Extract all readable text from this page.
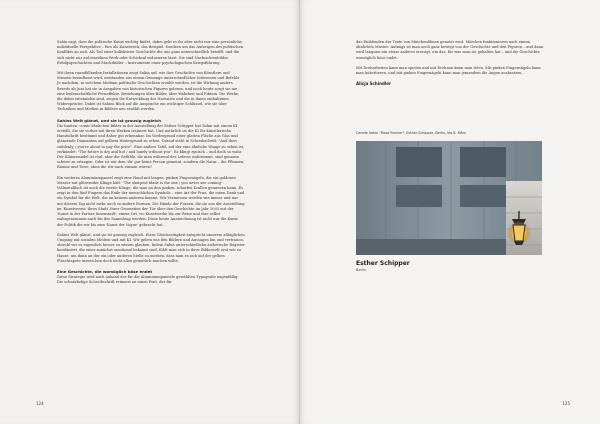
Sahin sagt, dass die politische Kunst wichtig findet, dabei geht es ihr aber nicht nur eine persönliche, individuelle Perspektive – fürs als Kunstwerk, das Beispiel. Sondern um das Aufzeigen des politischen Konflikts an sich. Als Teil einer kollektiven Geschichte die uns ganz unterschiedlich betrifft, und die sich nicht nur auf einzelnen Werk oder Schicksal reduzieren lässt. Sie sind Nachrichtenbilder, Erfolgsgeschichten und Machtbilder – Instrumente einer psychologischen Kriegsführung.

Mit ihren raumfüllenden Installationen zeigt Sahin auf, wie ihre Geschichte von Künstlern und Museen beeinflusst wird, entstanden aus einem Gemenge unterschiedlicher Interessen und Befehle. Je nachdem, in welchem Medium politische Geschichten erzählt werden, ist die Wirkung anders. Bereits ab Juni hat sie in Ausgaben von historischen Figuren gelesen, und noch heute sorgt sie nie eine leidenschaftliche Ferneffekte. Beziehungen über Bilder, über Wahrheit und Fiktion. Die Werke, die dabei entstanden sind, zeigen die Entwicklung der Narrative und die in ihnen enthaltenen Widersprüche. Dabei ist Sahins Blick auf die Ansprache ein wichtiger Schlüssel, wie sie über Techniken und Medien in Bildern neu erzählt werden.

Sahins Welt glänzt, und sie ist grausig zugleich

Die bunten, comic-ähnlichen Bilder in der Ausstellung der Esther Schipper hat Sahin mit einem KI erstellt, die sie vorher mit ihren Werken trainiert hat. Und natürlich ist die KI Ihr künstlerische Handschrift bestimmt und daher gut erkennbar. Im Vordergrund einer glatten Fläche aus Glas und glänzende Diamanten auf gelbem Hintergrund zu sehen. Darauf steht in Schreibschrift: "And then suddenly, / you're about to pay the price". Eine andere Tafel, auf der eine ähnliche Waage zu sehen ist, verkündet: "The future is dry and hot / and lonely without you". Es klingt zynisch – und doch so wahr. Der Klimawandel ist real, aber die Gefühle, die man während des Lebens wahrnimmt, sind genauso schwer zu ertragen. Oder ist mit dem 'du' gar keine Person gemeint, sondern die Natur – die Pflanzen, Räume und Tiere, ohne die wir auch einsam wären?

Ein weiteres Aluminiumpaneel zeigt eine Hand mit langen, pinken Fingernägeln, die ein goldenes Messer mit glitzernder Klinge hält: "The sharpest blade is the one / you never see coming". Vollmetallisch ist auch die zweite Klinge, die man an den pinken, scharfen Krallen gemessen kann. Es zeigt in den fünf Fingern das Ende der menschlichen Symbole – eine Art der Frau, die einen Dank und ein Symbol für die Welt, die an keinem anderen kommt. Wir Vermessen werden wie immer und nur mit diesem Tag nicht mehr auch so andere Formen. Die Hände der Frauen, die sie aus der Ausstellung im 'Kunstverein' ihres Stadt, ihrer Generation der Tür über den Geschichte im Jahr 2003 mit der 'Kunst in der Pariser Innenstadt', einem Ort, wo Kunstwerke bis zur Reise und ihre selbst wahrgenommen auch bis der Sammlung werden. Diese heute Auszeichnung ist nicht nur die Kunst der Politik die wir bis zum 'Kunst der Vogue' gebracht hat.

Sahins Welt glänzt, und sie ist grausig zugleich. Diese Gleichzeitigkeit entspricht unserem alltäglichen Umgang mit sozialen Medien und mit KI. Wir geben uns den Bildern und Aussagen hin und vertrauen, obwohl wir es eigentlich besser zu wissen glauben. Indem Sahin unterschiedliche ästhetische Register kombiniert, die einer zunächst emotional bekannt sind, fühlt man sich in ihrer Bilderwelt erst wie zu Hause, um dann an der ein oder anderen Stelle zu merken, dass man es sich auf der gelben Plüschtapete inzwischen doch nicht allzu gemütlich machen sollte.

Eine Geschichte, die womöglich böse endet

Diese Strategie wird auch anhand der für die Aluminiumpaneele gewählten Typografie augenfällig: Die schnörkelige Schreibschrift erinnert an einen Font, der für

124

das Einblenden der Texte von Märchenfilmen genutzt wird. Märchen funktionieren nach einem ähnlichen Muster: Anfangs ist man noch ganz bewegt von der Geschichte und den Figuren – und dann wird langsam ein etwas anderes erzeugt, um das, für was man sie gehalten hat – und die Geschichte womöglich böse endet.

Mit Dreharbeiten kann man spielen und mit Drohnen kann man töten. Mit pinken Fingernägeln kann man kokettieren, und mit pinken Fingernägeln kann man jemandem die Augen auskratzen.

Alicja Schindler
Cemile Sahin "Road Runner", Esther Schipper, Berlin, bis 8. März
Esther Schipper
Berlin
125
